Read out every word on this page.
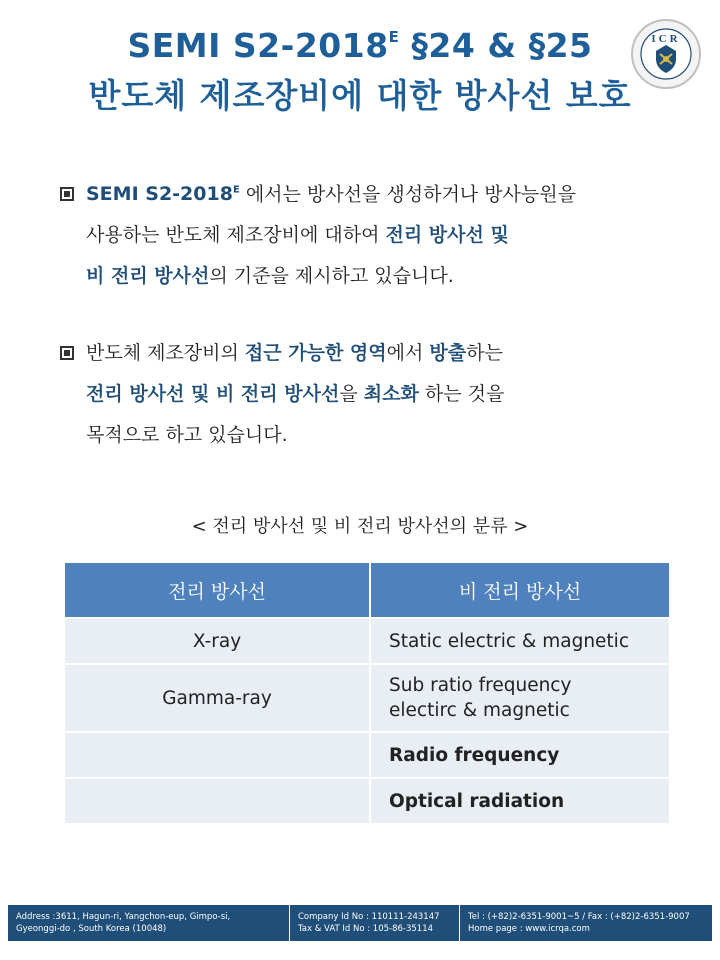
SEMI $S2-2018^E$ §24 & §25
반도체 제조장비에 대한 방사선 보호
ICR
SEMI $S2-2018^E$ 에서는 방사선을 생성하거나 방사능원을
사용하는 반도체 제조장비에 대하여 전리 방사선 및
비 전리 방사선의 기준을 제시하고 있습니다.
반도체 제조장비의 접근 가능한 영역에서 방출하는
전리 방사선 및 비 전리 방사선을 최소화 하는 것을
목적으로 하고 있습니다.
< 전리 방사선 및 비 전리 방사선의 분류 >
전리 방사선	비 전리 방사선
X-ray	Static electric & magnetic
Gamma-ray	Sub ratio frequency
electirc & magnetic

	Radio frequency
	Optical radiation
Address :3611, Hagun-ri, Yangchon-eup, Gimpo-si,
Gyeonggi-do , South Korea (10048)
Company Id No : 110111-243147
Tax & VAT Id No : 105-86-35114
Tel : (+82)2-6351-9001~5 / Fax : (+82)2-6351-9007
Home page : www.icrqa.com
